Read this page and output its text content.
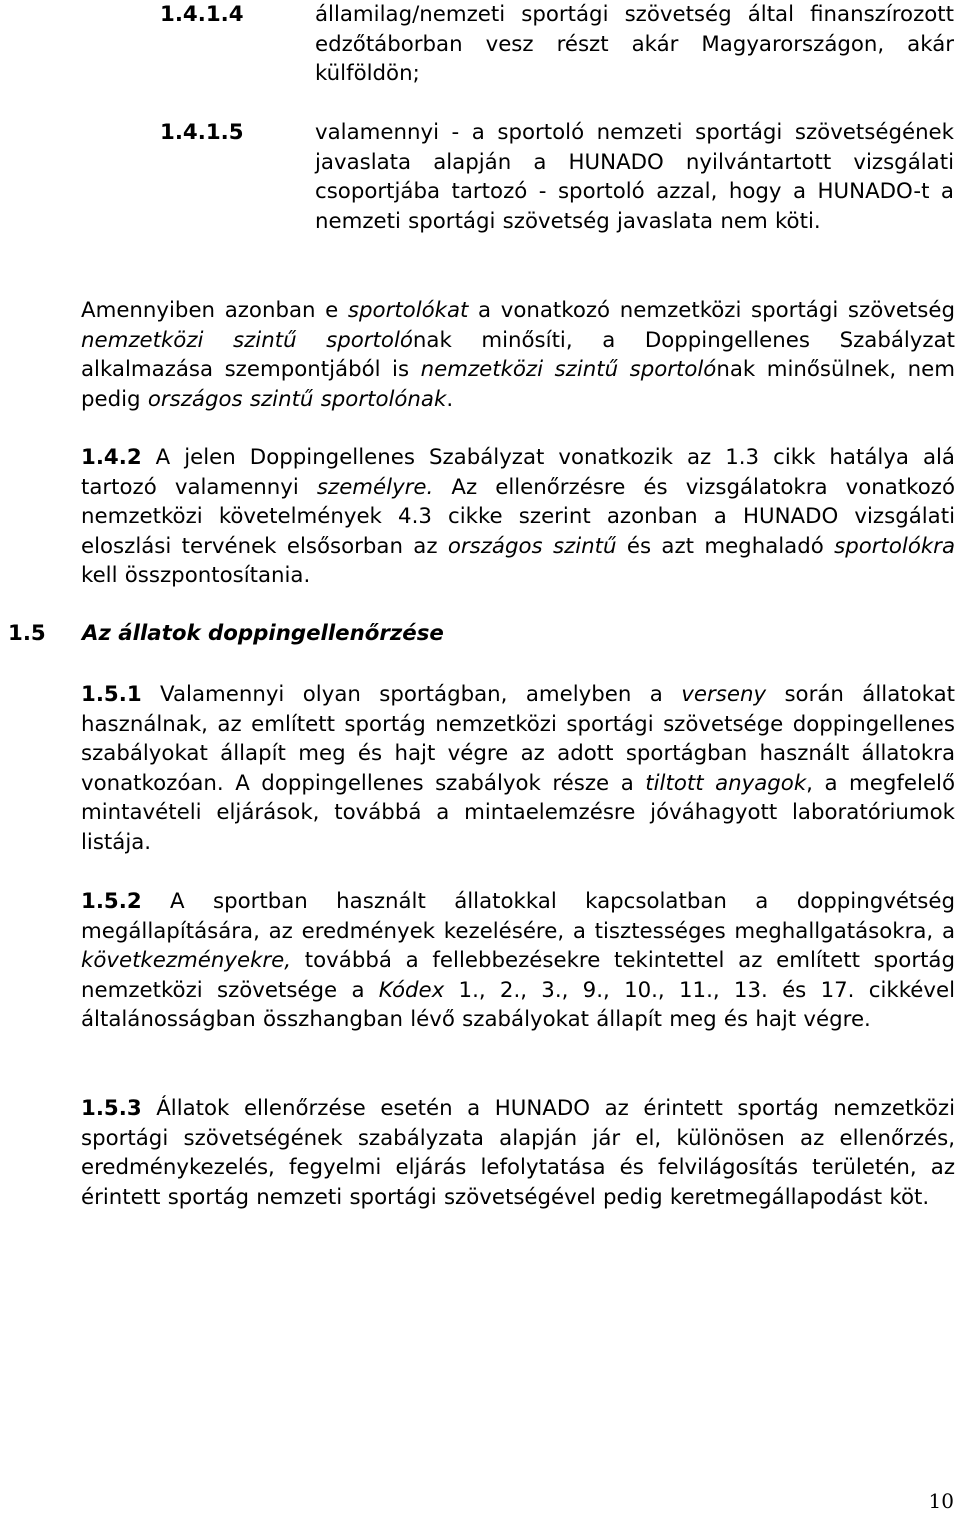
1.4.1.4	államilag/nemzeti sportági szövetség által finanszírozott edzőtáborban vesz részt akár Magyarországon, akár külföldön;

1.4.1.5	valamennyi - a sportoló nemzeti sportági szövetségének javaslata alapján a HUNADO nyilvántartott vizsgálati csoportjába tartozó - sportoló azzal, hogy a HUNADO-t a nemzeti sportági szövetség javaslata nem köti.

Amennyiben azonban e sportolókat a vonatkozó nemzetközi sportági szövetség nemzetközi szintű sportolónak minősíti, a Doppingellenes Szabályzat alkalmazása szempontjából is nemzetközi szintű sportolónak minősülnek, nem pedig országos szintű sportolónak.

1.4.2 A jelen Doppingellenes Szabályzat vonatkozik az 1.3 cikk hatálya alá tartozó valamennyi személyre. Az ellenőrzésre és vizsgálatokra vonatkozó nemzetközi követelmények 4.3 cikke szerint azonban a HUNADO vizsgálati eloszlási tervének elsősorban az országos szintű és azt meghaladó sportolókra kell összpontosítania.

1.5 Az állatok doppingellenőrzése

1.5.1 Valamennyi olyan sportágban, amelyben a verseny során állatokat használnak, az említett sportág nemzetközi sportági szövetsége doppingellenes szabályokat állapít meg és hajt végre az adott sportágban használt állatokra vonatkozóan. A doppingellenes szabályok része a tiltott anyagok, a megfelelő mintavételi eljárások, továbbá a mintaelemzésre jóváhagyott laboratóriumok listája.

1.5.2 A sportban használt állatokkal kapcsolatban a doppingvétség megállapítására, az eredmények kezelésére, a tisztességes meghallgatásokra, a következményekre, továbbá a fellebbezésekre tekintettel az említett sportág nemzetközi szövetsége a Kódex 1., 2., 3., 9., 10., 11., 13. és 17. cikkével általánosságban összhangban lévő szabályokat állapít meg és hajt végre.

1.5.3 Állatok ellenőrzése esetén a HUNADO az érintett sportág nemzetközi sportági szövetségének szabályzata alapján jár el, különösen az ellenőrzés, eredménykezelés, fegyelmi eljárás lefolytatása és felvilágosítás területén, az érintett sportág nemzeti sportági szövetségével pedig keretmegállapodást köt.

10
